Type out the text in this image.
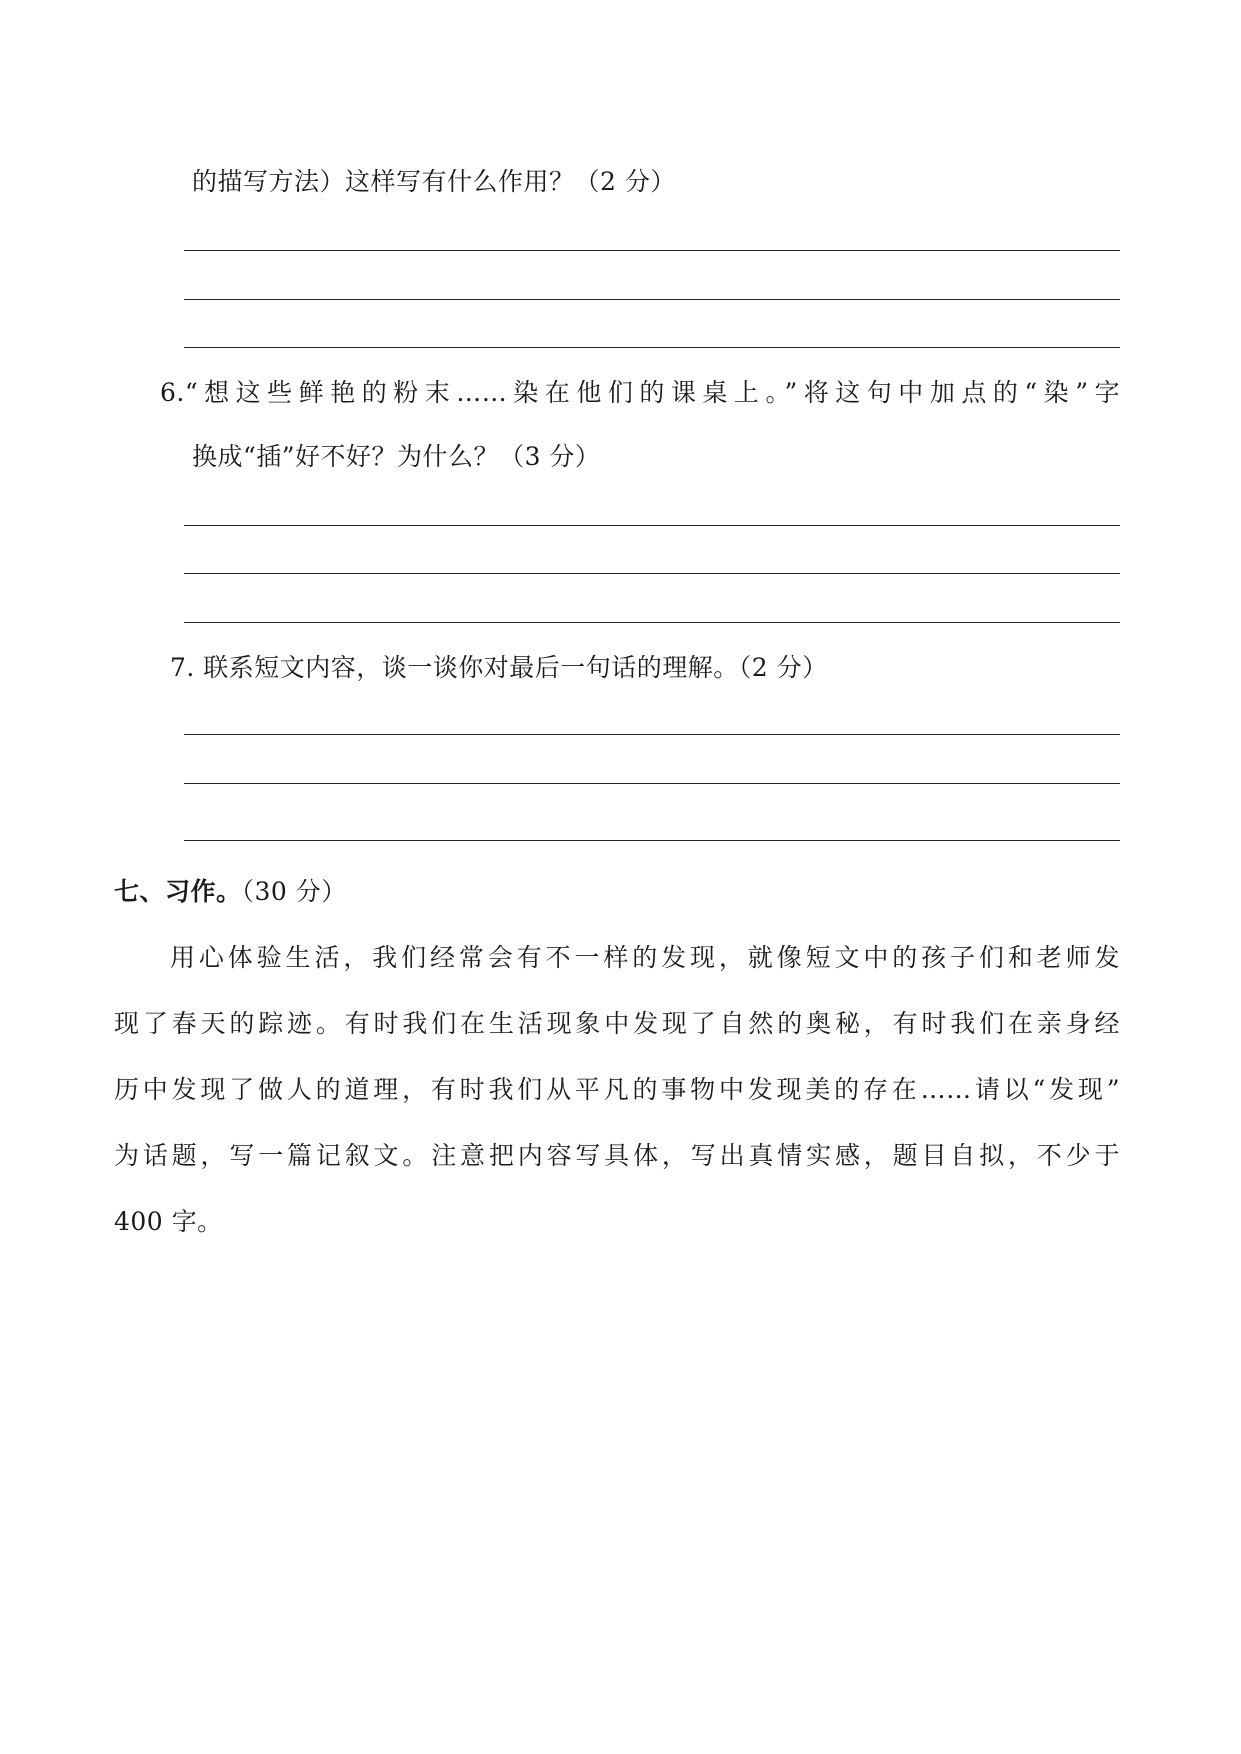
的描写方法）这样写有什么作用？（2 分）
6.“想这些鲜艳的粉末……染在他们的课桌上。”将这句中加点的“染”字
换成“插”好不好？为什么？（3 分）
7. 联系短文内容，谈一谈你对最后一句话的理解。（2 分）
七、习作。（30 分）
用心体验生活，我们经常会有不一样的发现，就像短文中的孩子们和老师发
现了春天的踪迹。有时我们在生活现象中发现了自然的奥秘，有时我们在亲身经
历中发现了做人的道理，有时我们从平凡的事物中发现美的存在……请以“发现”
为话题，写一篇记叙文。注意把内容写具体，写出真情实感，题目自拟，不少于
400 字。
